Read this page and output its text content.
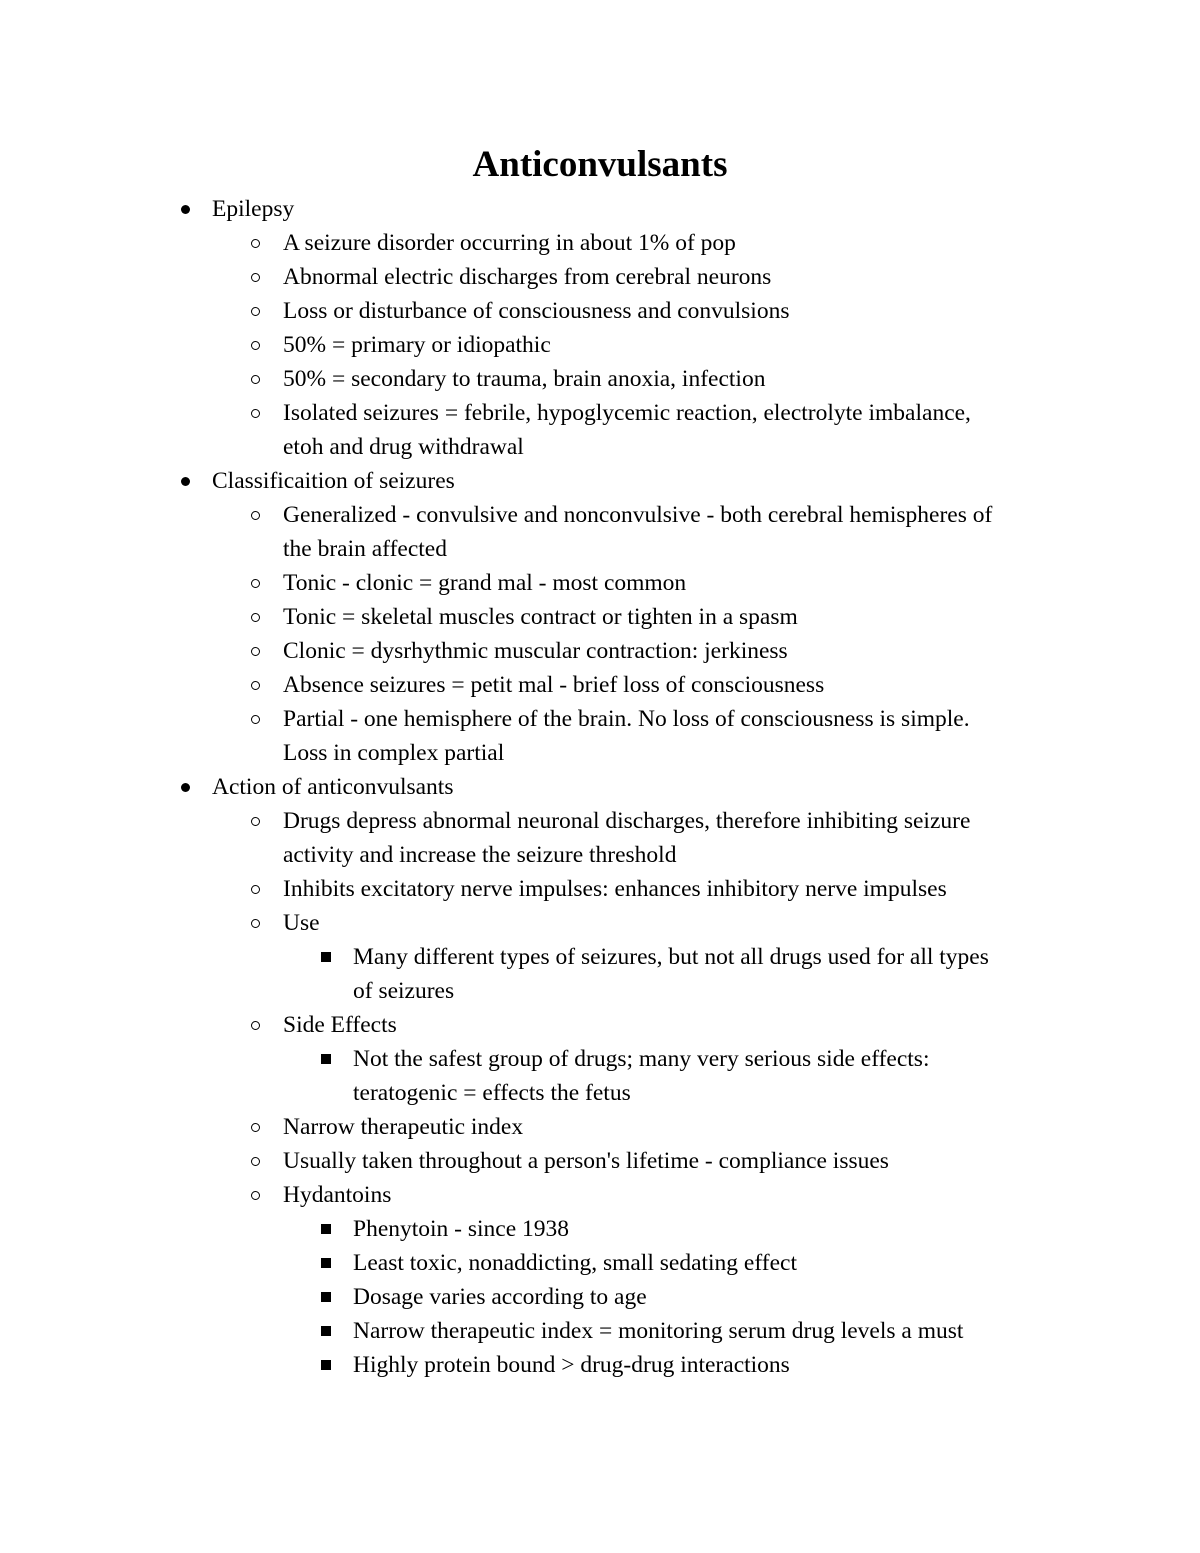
Anticonvulsants
Epilepsy
A seizure disorder occurring in about 1% of pop
Abnormal electric discharges from cerebral neurons
Loss or disturbance of consciousness and convulsions
50% = primary or idiopathic
50% = secondary to trauma, brain anoxia, infection
Isolated seizures = febrile, hypoglycemic reaction, electrolyte imbalance,
etoh and drug withdrawal
Classificaition of seizures
Generalized - convulsive and nonconvulsive - both cerebral hemispheres of
the brain affected
Tonic - clonic = grand mal - most common
Tonic = skeletal muscles contract or tighten in a spasm
Clonic = dysrhythmic muscular contraction: jerkiness
Absence seizures = petit mal - brief loss of consciousness
Partial - one hemisphere of the brain. No loss of consciousness is simple.
Loss in complex partial
Action of anticonvulsants
Drugs depress abnormal neuronal discharges, therefore inhibiting seizure
activity and increase the seizure threshold
Inhibits excitatory nerve impulses: enhances inhibitory nerve impulses
Use
Many different types of seizures, but not all drugs used for all types
of seizures
Side Effects
Not the safest group of drugs; many very serious side effects:
teratogenic = effects the fetus
Narrow therapeutic index
Usually taken throughout a person's lifetime - compliance issues
Hydantoins
Phenytoin - since 1938
Least toxic, nonaddicting, small sedating effect
Dosage varies according to age
Narrow therapeutic index = monitoring serum drug levels a must
Highly protein bound > drug-drug interactions
